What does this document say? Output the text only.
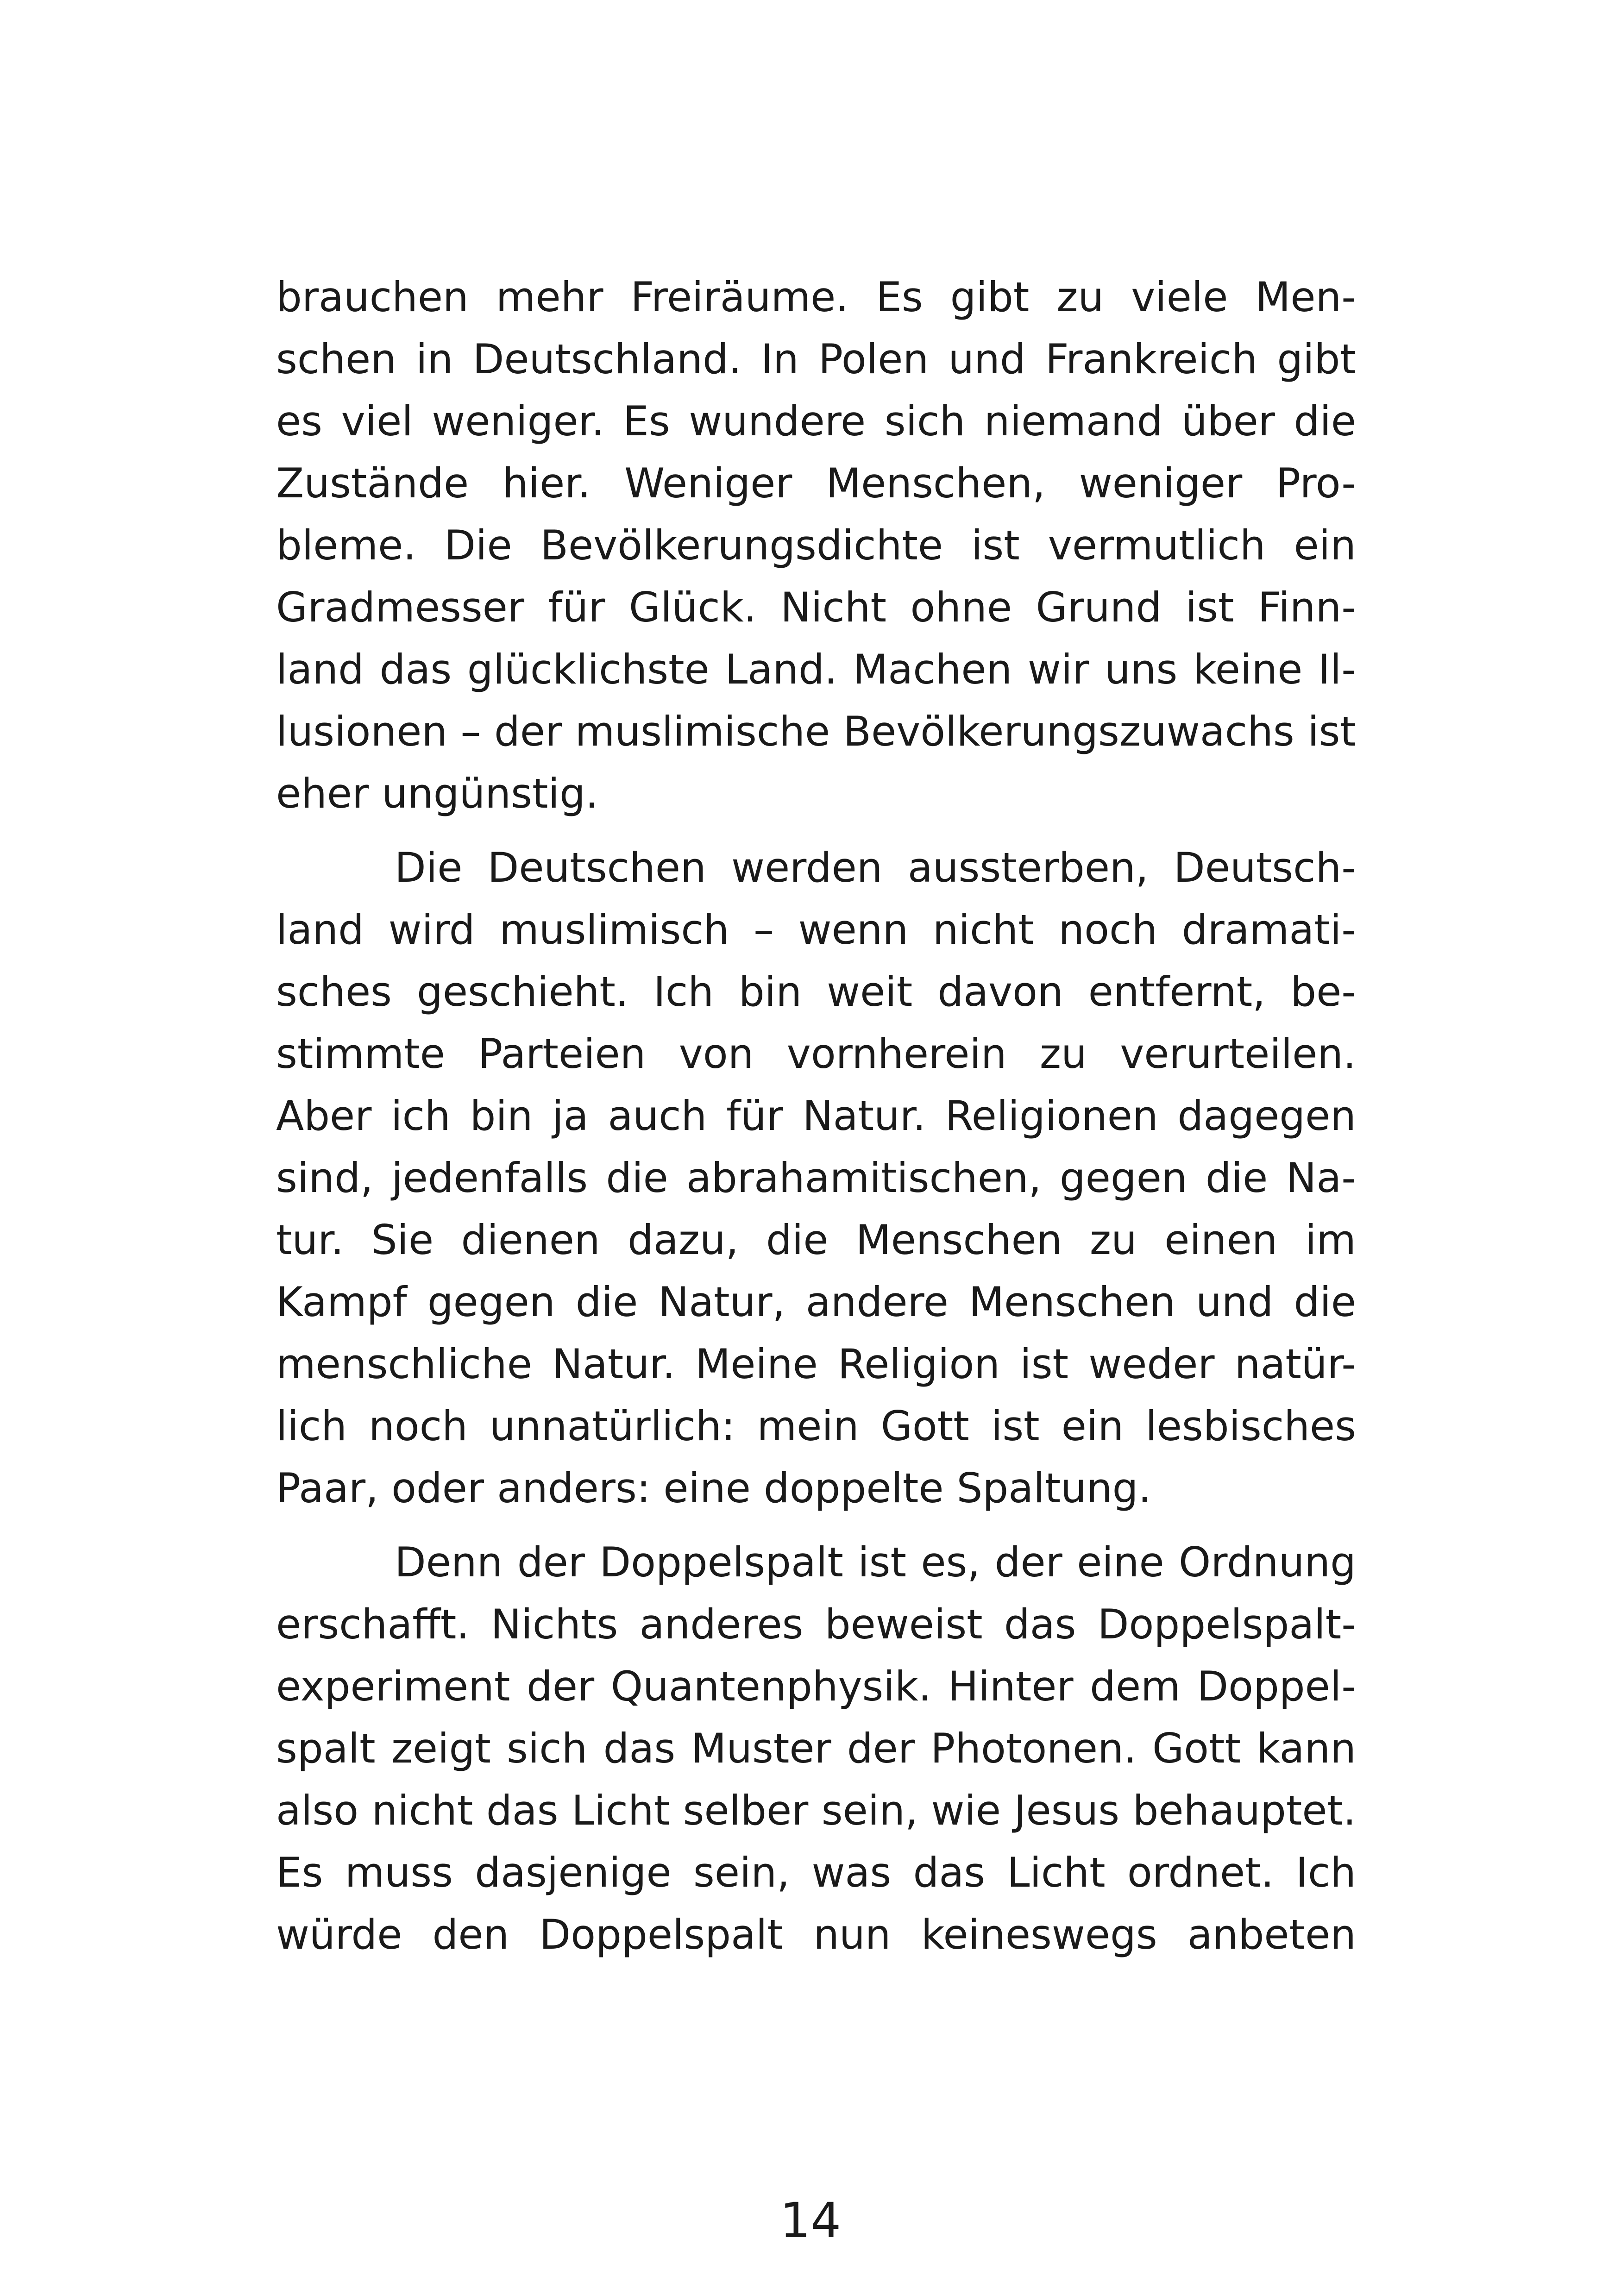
brauchen mehr Freiräume. Es gibt zu viele Men-
schen in Deutschland. In Polen und Frankreich gibt
es viel weniger. Es wundere sich niemand über die
Zustände hier. Weniger Menschen, weniger Pro-
bleme. Die Bevölkerungsdichte ist vermutlich ein
Gradmesser für Glück. Nicht ohne Grund ist Finn-
land das glücklichste Land. Machen wir uns keine Il-
lusionen – der muslimische Bevölkerungszuwachs ist
eher ungünstig.
Die Deutschen werden aussterben, Deutsch-
land wird muslimisch – wenn nicht noch dramati-
sches geschieht. Ich bin weit davon entfernt, be-
stimmte Parteien von vornherein zu verurteilen.
Aber ich bin ja auch für Natur. Religionen dagegen
sind, jedenfalls die abrahamitischen, gegen die Na-
tur. Sie dienen dazu, die Menschen zu einen im
Kampf gegen die Natur, andere Menschen und die
menschliche Natur. Meine Religion ist weder natür-
lich noch unnatürlich: mein Gott ist ein lesbisches
Paar, oder anders: eine doppelte Spaltung.
Denn der Doppelspalt ist es, der eine Ordnung
erschafft. Nichts anderes beweist das Doppelspalt-
experiment der Quantenphysik. Hinter dem Doppel-
spalt zeigt sich das Muster der Photonen. Gott kann
also nicht das Licht selber sein, wie Jesus behauptet.
Es muss dasjenige sein, was das Licht ordnet. Ich
würde den Doppelspalt nun keineswegs anbeten
14
